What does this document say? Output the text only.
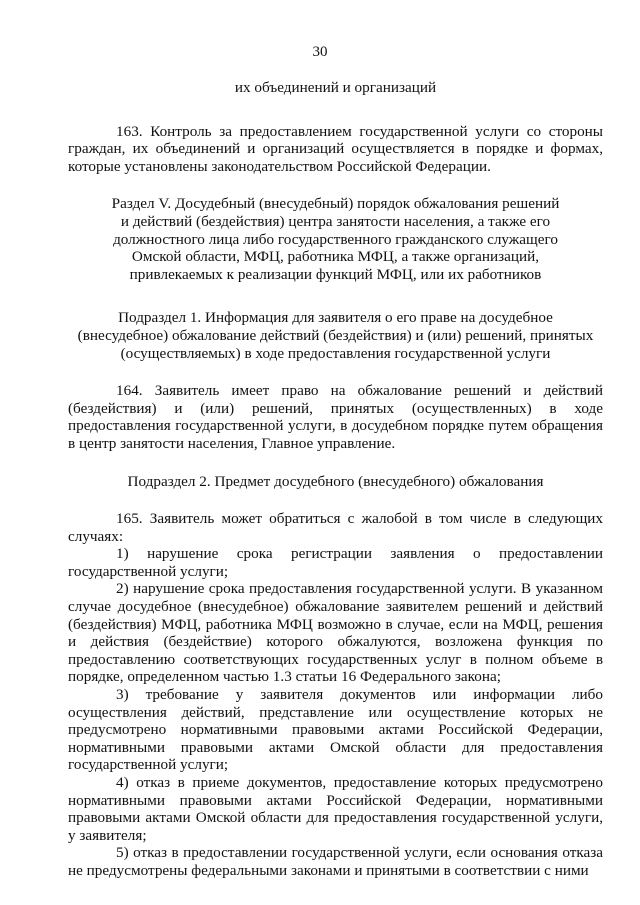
30
их объединений и организаций

163. Контроль за предоставлением государственной услуги со стороны граждан, их объединений и организаций осуществляется в порядке и формах, которые установлены законодательством Российской Федерации.

Раздел V. Досудебный (внесудебный) порядок обжалования решений
и действий (бездействия) центра занятости населения, а также его
должностного лица либо государственного гражданского служащего
Омской области, МФЦ, работника МФЦ, а также организаций,
привлекаемых к реализации функций МФЦ, или их работников
Подраздел 1. Информация для заявителя о его праве на досудебное
(внесудебное) обжалование действий (бездействия) и (или) решений, принятых
(осуществляемых) в ходе предоставления государственной услуги

164. Заявитель имеет право на обжалование решений и действий (бездействия) и (или) решений, принятых (осуществленных) в ходе предоставления государственной услуги, в досудебном порядке путем обращения в центр занятости населения, Главное управление.

Подраздел 2. Предмет досудебного (внесудебного) обжалования

165. Заявитель может обратиться с жалобой в том числе в следующих случаях:

1) нарушение срока регистрации заявления о предоставлении государственной услуги;

2) нарушение срока предоставления государственной услуги. В указанном случае досудебное (внесудебное) обжалование заявителем решений и действий (бездействия) МФЦ, работника МФЦ возможно в случае, если на МФЦ, решения и действия (бездействие) которого обжалуются, возложена функция по предоставлению соответствующих государственных услуг в полном объеме в порядке, определенном частью 1.3 статьи 16 Федерального закона;

3) требование у заявителя документов или информации либо осуществления действий, представление или осуществление которых не предусмотрено нормативными правовыми актами Российской Федерации, нормативными правовыми актами Омской области для предоставления государственной услуги;

4) отказ в приеме документов, предоставление которых предусмотрено нормативными правовыми актами Российской Федерации, нормативными правовыми актами Омской области для предоставления государственной услуги, у заявителя;

5) отказ в предоставлении государственной услуги, если основания отказа не предусмотрены федеральными законами и принятыми в соответствии с ними
